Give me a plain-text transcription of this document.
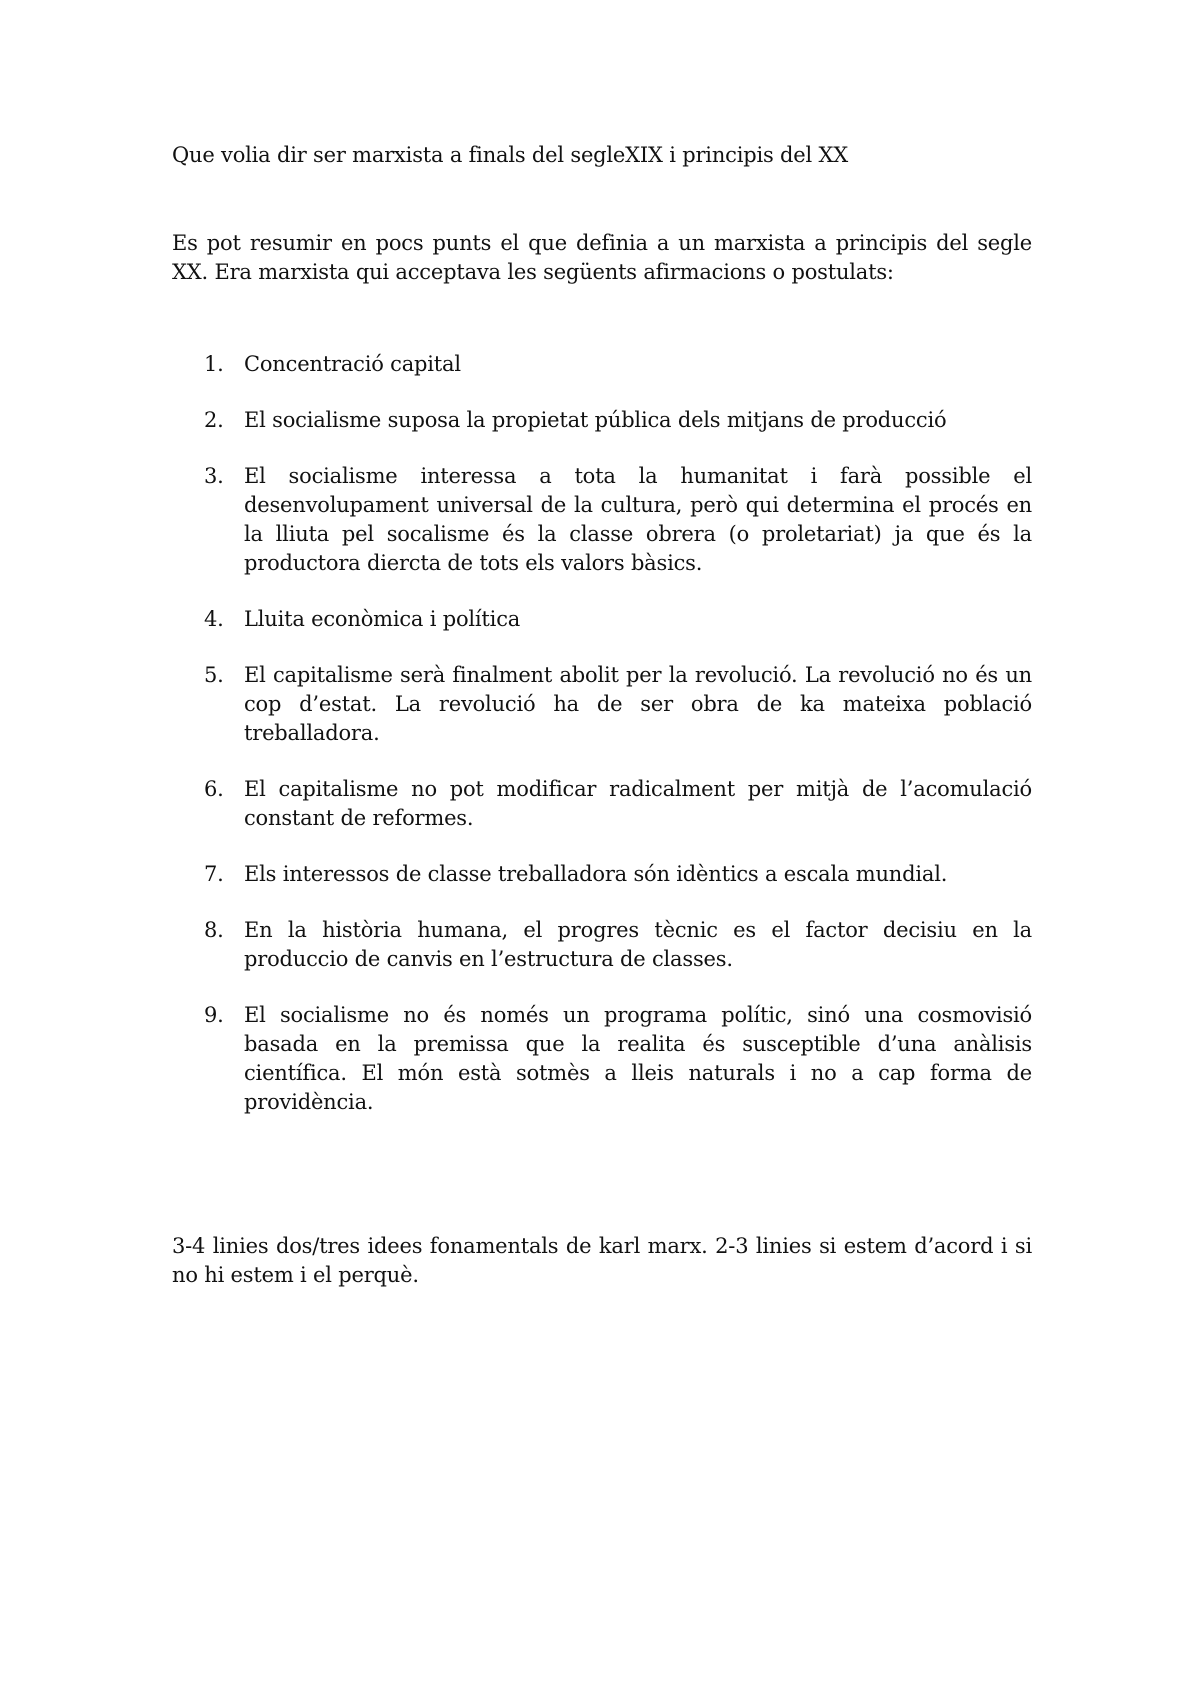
Que volia dir ser marxista a finals del segleXIX i principis del XX
Es pot resumir en pocs punts el que definia a un marxista a principis del segle XX. Era marxista qui acceptava les següents afirmacions o postulats:
1. Concentració capital
2. El socialisme suposa la propietat pública dels mitjans de producció
3. El socialisme interessa a tota la humanitat i farà possible el desenvolupament universal de la cultura, però qui determina el procés en la lliuta pel socalisme és la classe obrera (o proletariat) ja que és la productora diercta de tots els valors bàsics.
4. Lluita econòmica i política
5. El capitalisme serà finalment abolit per la revolució. La revolució no és un cop d’estat. La revolució ha de ser obra de ka mateixa població treballadora.
6. El capitalisme no pot modificar radicalment per mitjà de l’acomulació constant de reformes.
7. Els interessos de classe treballadora són idèntics a escala mundial.
8. En la història humana, el progres tècnic es el factor decisiu en la produccio de canvis en l’estructura de classes.
9. El socialisme no és només un programa polític, sinó una cosmovisió basada en la premissa que la realita és susceptible d’una anàlisis científica. El món està sotmès a lleis naturals i no a cap forma de providència.
3-4 linies dos/tres idees fonamentals de karl marx. 2-3 linies si estem d’acord i si no hi estem i el perquè.
